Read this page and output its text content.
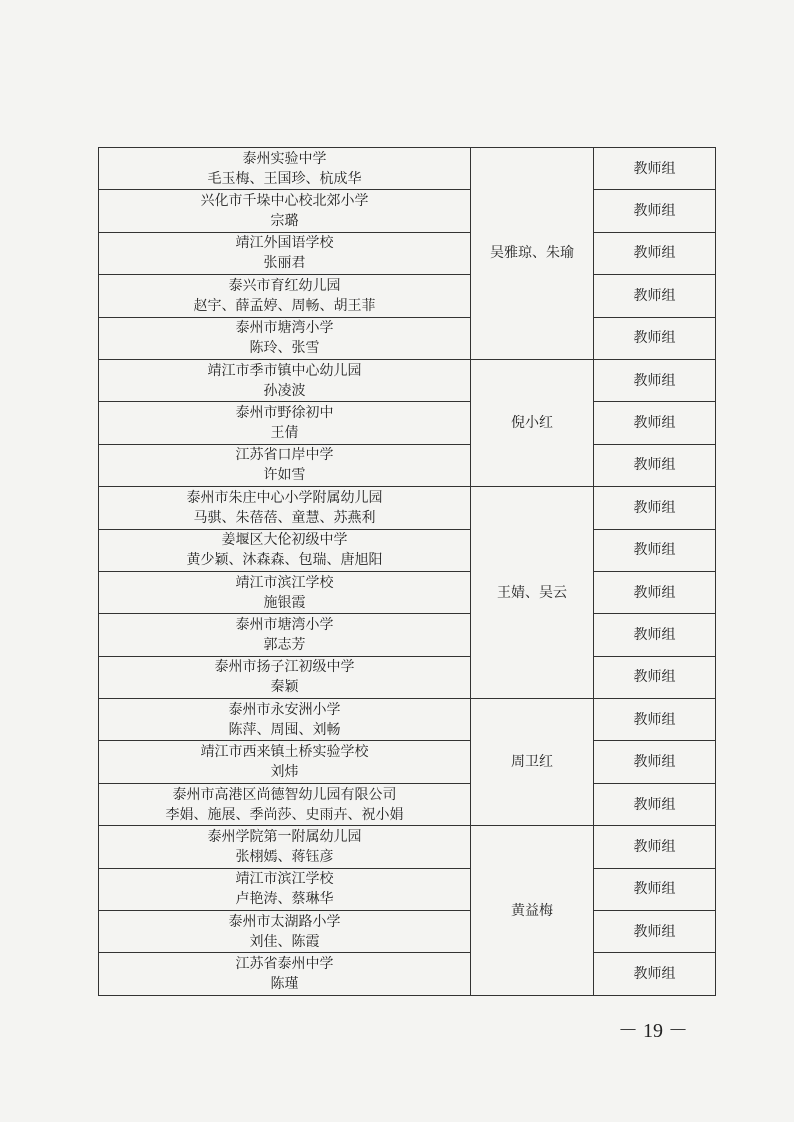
泰州实验中学
毛玉梅、王国珍、杭成华	吴雅琼、朱瑜	教师组

兴化市千垛中心校北郊小学
宗璐		教师组

靖江外国语学校
张丽君		教师组

泰兴市育红幼儿园
赵宇、薛孟婷、周畅、胡王菲		教师组

泰州市塘湾小学
陈玲、张雪		教师组

靖江市季市镇中心幼儿园
孙凌波	倪小红	教师组

泰州市野徐初中
王倩		教师组

江苏省口岸中学
许如雪		教师组

泰州市朱庄中心小学附属幼儿园
马骐、朱蓓蓓、童慧、苏燕利	王婧、吴云	教师组

姜堰区大伦初级中学
黄少颖、沐森森、包瑞、唐旭阳		教师组

靖江市滨江学校
施银霞		教师组

泰州市塘湾小学
郭志芳		教师组

泰州市扬子江初级中学
秦颖		教师组

泰州市永安洲小学
陈萍、周囤、刘畅	周卫红	教师组

靖江市西来镇土桥实验学校
刘炜		教师组

泰州市高港区尚德智幼儿园有限公司
李娟、施展、季尚莎、史雨卉、祝小娟		教师组

泰州学院第一附属幼儿园
张栩嫣、蒋钰彦	黄益梅	教师组

靖江市滨江学校
卢艳涛、蔡琳华		教师组

泰州市太湖路小学
刘佳、陈霞		教师组

江苏省泰州中学
陈瑾		教师组
－ 19 －
